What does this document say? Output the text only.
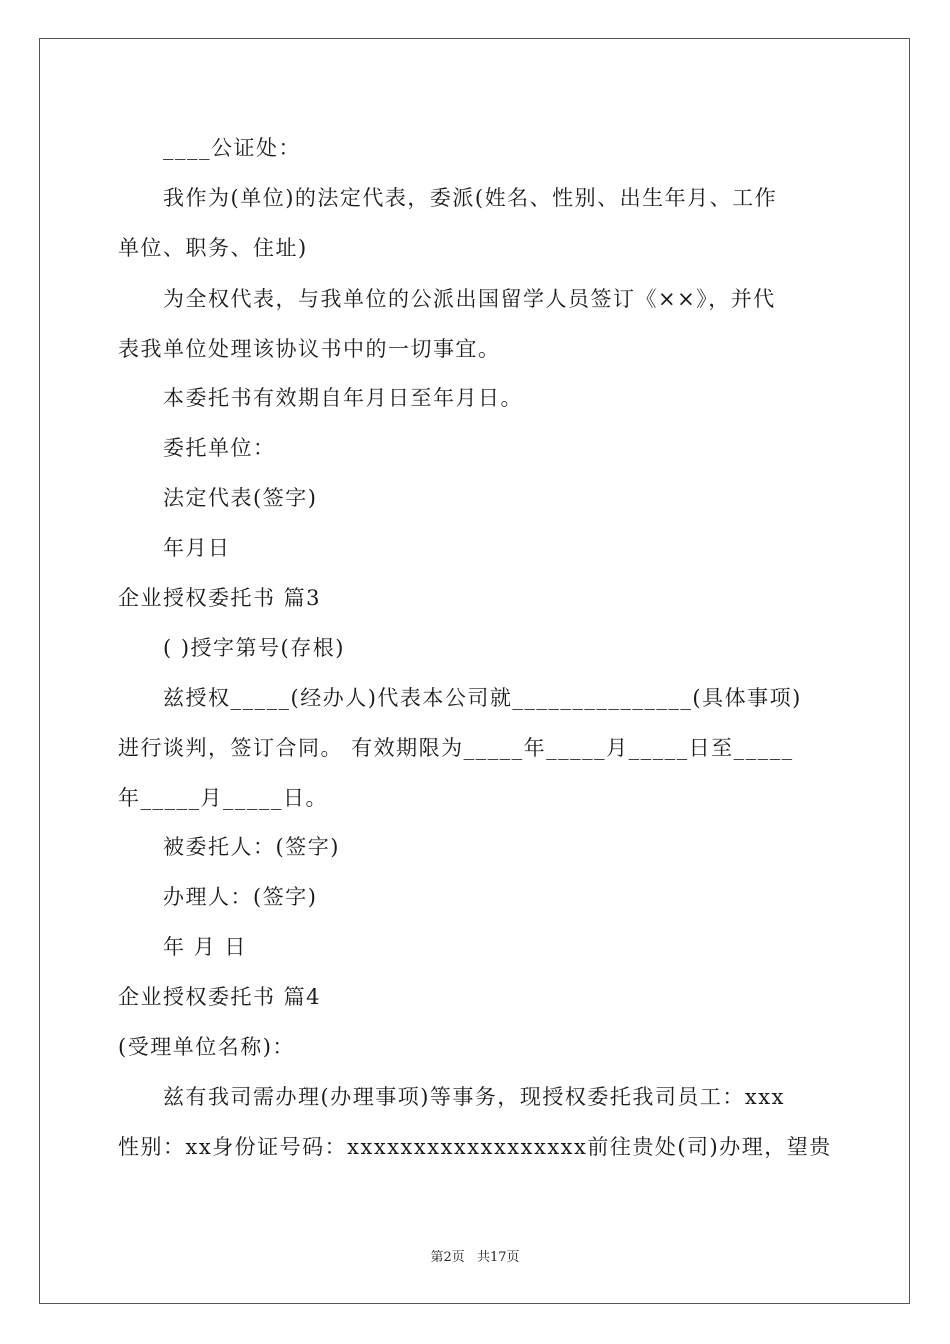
____公证处：
我作为(单位)的法定代表，委派(姓名、性别、出生年月、工作
单位、职务、住址)
为全权代表，与我单位的公派出国留学人员签订《××》，并代
表我单位处理该协议书中的一切事宜。
本委托书有效期自年月日至年月日。
委托单位：
法定代表(签字)
年月日
企业授权委托书 篇3
( )授字第号(存根)
兹授权_____(经办人)代表本公司就_______________(具体事项)
进行谈判，签订合同。 有效期限为_____年_____月_____日至_____
年_____月_____日。
被委托人：(签字)
办理人：(签字)
年 月 日
企业授权委托书 篇4
(受理单位名称)：
兹有我司需办理(办理事项)等事务，现授权委托我司员工：xxx
性别：xx身份证号码：xxxxxxxxxxxxxxxxxx前往贵处(司)办理，望贵
第2页 共17页
